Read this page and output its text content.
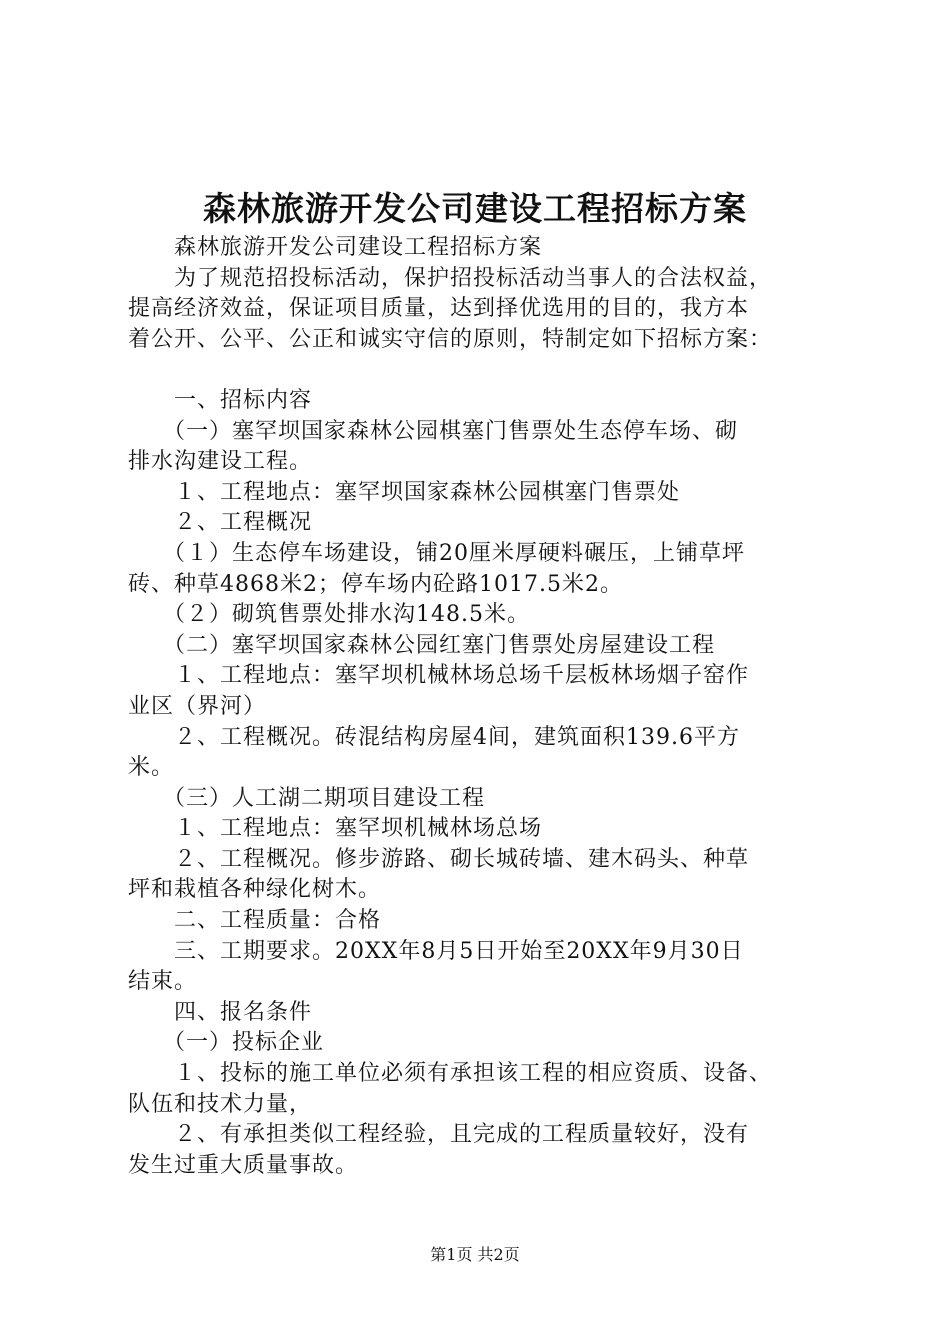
森林旅游开发公司建设工程招标方案

　　森林旅游开发公司建设工程招标方案

　　为了规范招投标活动，保护招投标活动当事人的合法权益，

提高经济效益，保证项目质量，达到择优选用的目的，我方本

着公开、公平、公正和诚实守信的原则，特制定如下招标方案：

　　一、招标内容

　　（一）塞罕坝国家森林公园棋塞门售票处生态停车场、砌

排水沟建设工程。

　　１、工程地点：塞罕坝国家森林公园棋塞门售票处

　　２、工程概况

　　（１）生态停车场建设，铺20厘米厚硬料碾压，上铺草坪

砖、种草4868米2；停车场内砼路1017.5米2。

　　（２）砌筑售票处排水沟148.5米。

　　（二）塞罕坝国家森林公园红塞门售票处房屋建设工程

　　１、工程地点：塞罕坝机械林场总场千层板林场烟子窑作

业区（界河）

　　２、工程概况。砖混结构房屋4间，建筑面积139.6平方

米。

　　（三）人工湖二期项目建设工程

　　１、工程地点：塞罕坝机械林场总场

　　２、工程概况。修步游路、砌长城砖墙、建木码头、种草

坪和栽植各种绿化树木。

　　二、工程质量：合格

　　三、工期要求。20XX年8月5日开始至20XX年9月30日

结束。

　　四、报名条件

　　（一）投标企业

　　１、投标的施工单位必须有承担该工程的相应资质、设备、

队伍和技术力量，

　　２、有承担类似工程经验，且完成的工程质量较好，没有

发生过重大质量事故。

第1页 共2页
